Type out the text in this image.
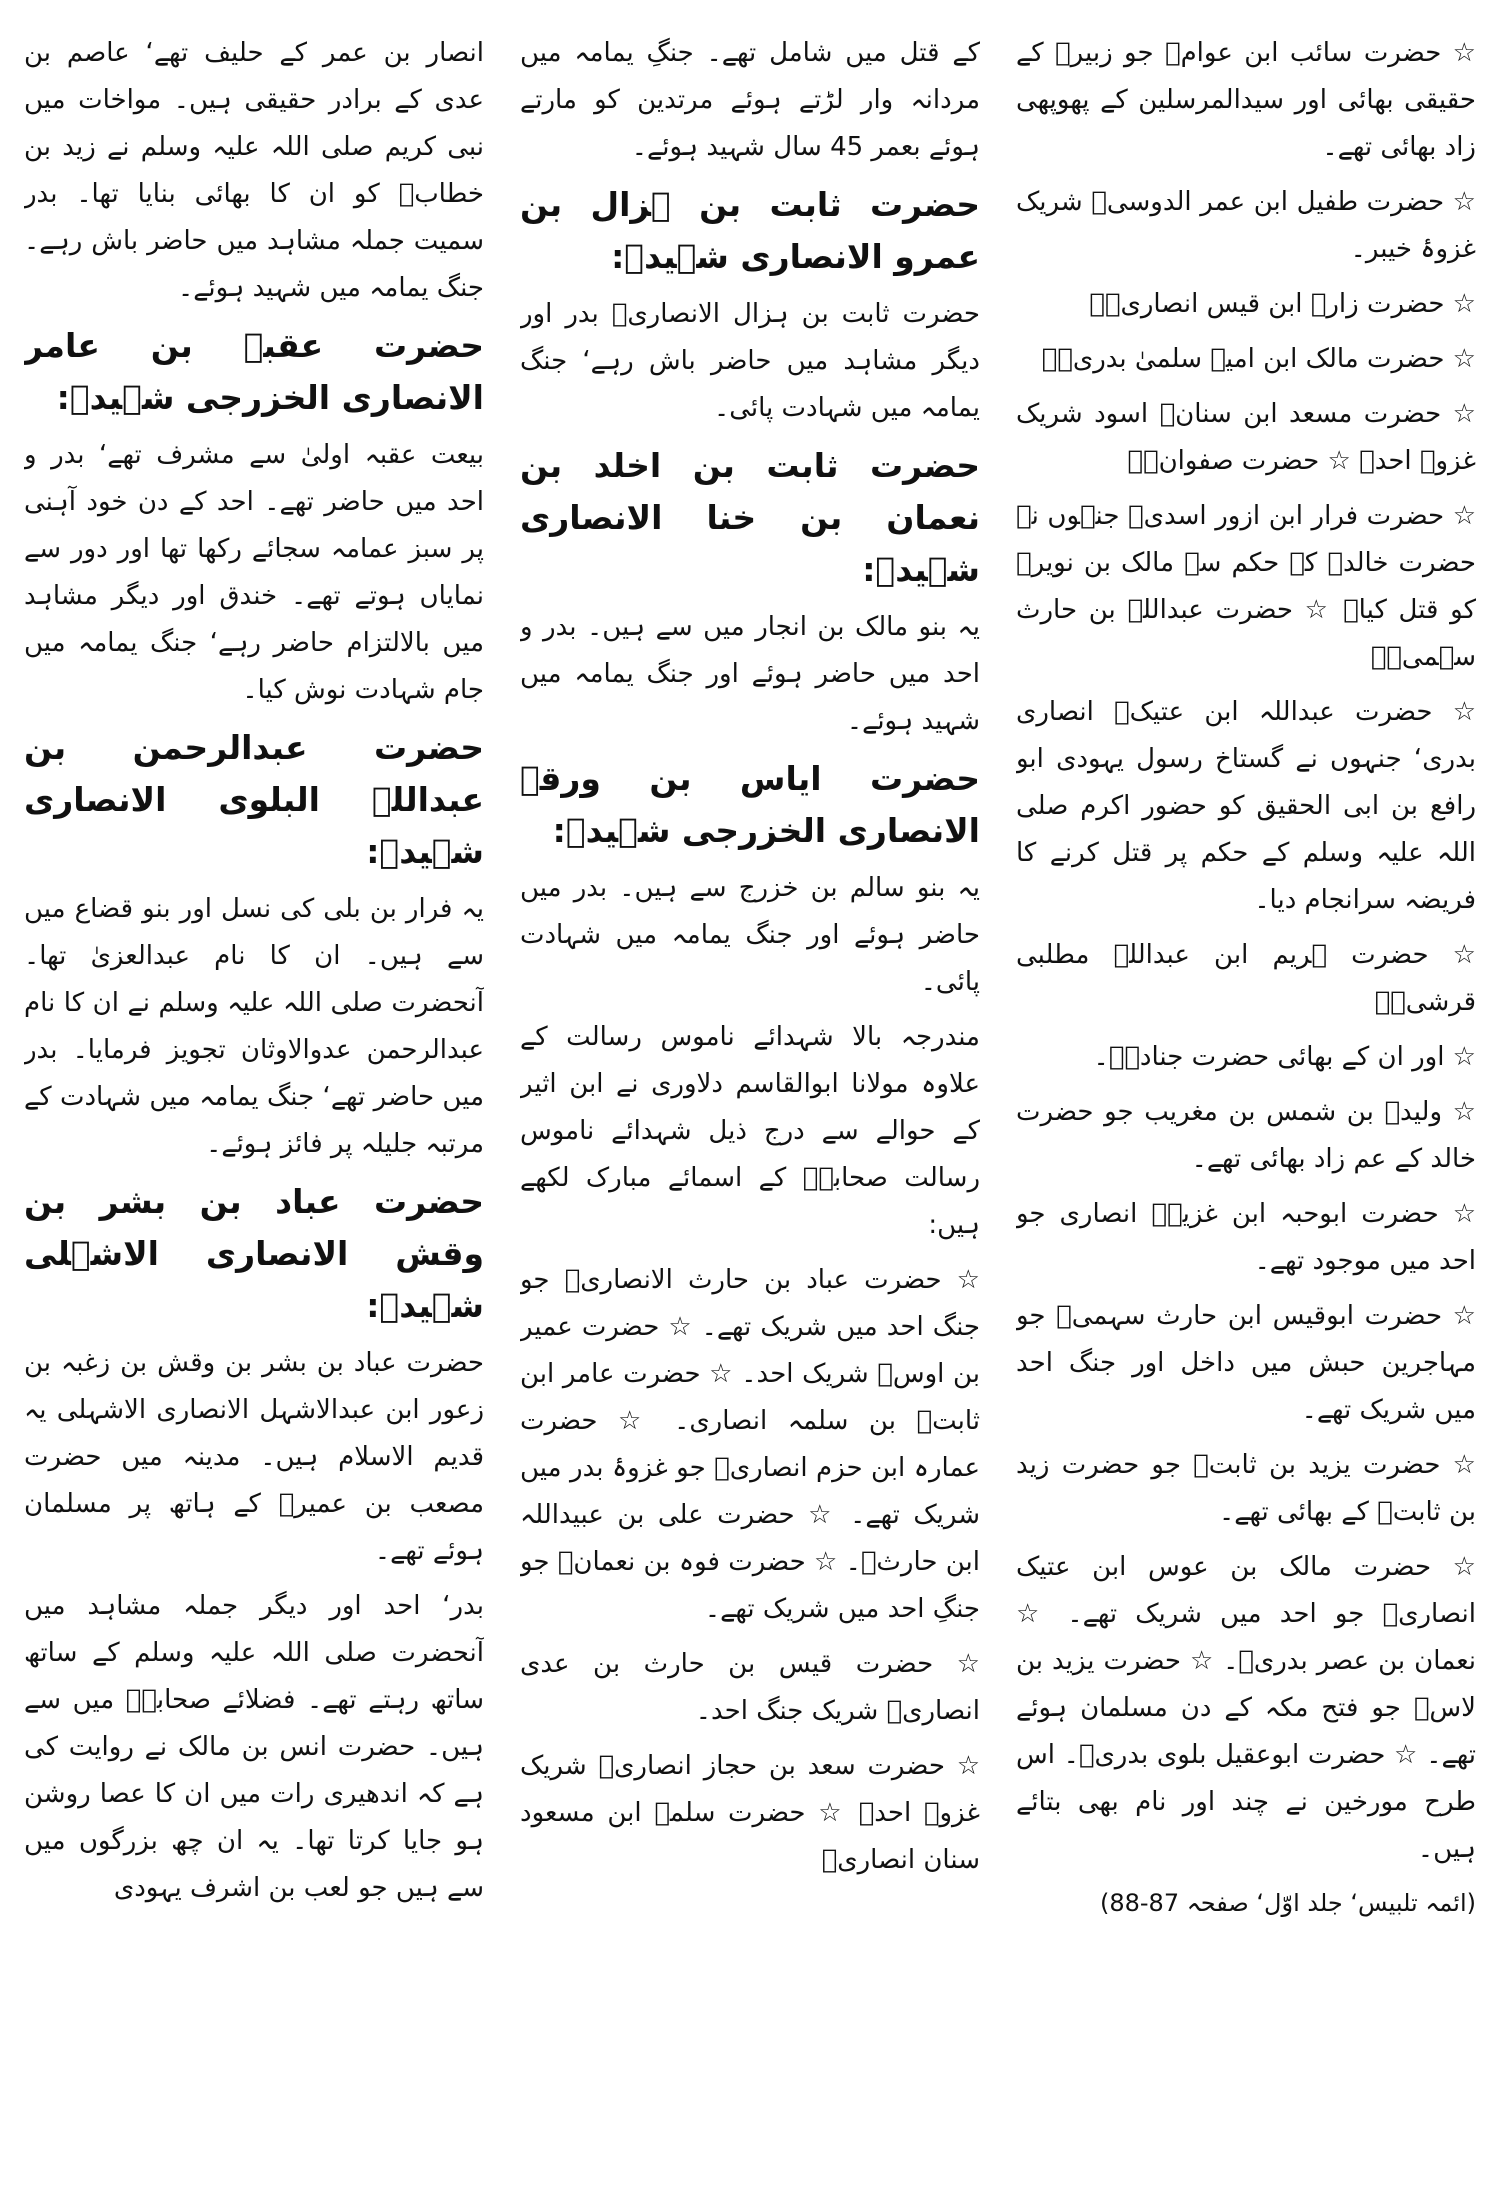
انصار بن عمر کے حلیف تھے‘ عاصم بن عدی کے برادر حقیقی ہیں۔ مواخات میں نبی کریم صلی اللہ علیہ وسلم نے زید بن خطابؓ کو ان کا بھائی بنایا تھا۔ بدر سمیت جملہ مشاہد میں حاضر باش رہے۔ جنگ یمامہ میں شہید ہوئے۔

حضرت عقبہ بن عامر الانصاری الخزرجی شہیدؓ:

بیعت عقبہ اولیٰ سے مشرف تھے‘ بدر و احد میں حاضر تھے۔ احد کے دن خود آہنی پر سبز عمامہ سجائے رکھا تھا اور دور سے نمایاں ہوتے تھے۔ خندق اور دیگر مشاہد میں بالالتزام حاضر رہے‘ جنگ یمامہ میں جام شہادت نوش کیا۔

حضرت عبدالرحمن بن عبداللہ البلوی الانصاری شہیدؓ:

یہ فرار بن بلی کی نسل اور بنو قضاع میں سے ہیں۔ ان کا نام عبدالعزیٰ تھا۔ آنحضرت صلی اللہ علیہ وسلم نے ان کا نام عبدالرحمن عدوالاوثان تجویز فرمایا۔ بدر میں حاضر تھے‘ جنگ یمامہ میں شہادت کے مرتبہ جلیلہ پر فائز ہوئے۔

حضرت عباد بن بشر بن وقش الانصاری الاشہلی شہیدؓ:

حضرت عباد بن بشر بن وقش بن زغبہ بن زعور ابن عبدالاشہل الانصاری الاشہلی یہ قدیم الاسلام ہیں۔ مدینہ میں حضرت مصعب بن عمیرؓ کے ہاتھ پر مسلمان ہوئے تھے۔

بدر‘ احد اور دیگر جملہ مشاہد میں آنحضرت صلی اللہ علیہ وسلم کے ساتھ ساتھ رہتے تھے۔ فضلائے صحابہؓ میں سے ہیں۔ حضرت انس بن مالک نے روایت کی ہے کہ اندھیری رات میں ان کا عصا روشن ہو جایا کرتا تھا۔ یہ ان چھ بزرگوں میں سے ہیں جو لعب بن اشرف یہودی

کے قتل میں شامل تھے۔ جنگِ یمامہ میں مردانہ وار لڑتے ہوئے مرتدین کو مارتے ہوئے بعمر 45 سال شہید ہوئے۔

حضرت ثابت بن ہزال بن عمرو الانصاری شہیدؓ:

حضرت ثابت بن ہزال الانصاریؓ بدر اور دیگر مشاہد میں حاضر باش رہے‘ جنگ یمامہ میں شہادت پائی۔

حضرت ثابت بن اخلد بن نعمان بن خنا الانصاری شہیدؓ:

یہ بنو مالک بن انجار میں سے ہیں۔ بدر و احد میں حاضر ہوئے اور جنگ یمامہ میں شہید ہوئے۔

حضرت ایاس بن ورقہ الانصاری الخزرجی شہیدؓ:

یہ بنو سالم بن خزرج سے ہیں۔ بدر میں حاضر ہوئے اور جنگ یمامہ میں شہادت پائی۔

مندرجہ بالا شہدائے ناموس رسالت کے علاوہ مولانا ابوالقاسم دلاوری نے ابن اثیر کے حوالے سے درج ذیل شہدائے ناموس رسالت صحابہؓ کے اسمائے مبارک لکھے ہیں:

☆ حضرت عباد بن حارث الانصاریؓ جو جنگ احد میں شریک تھے۔ ☆ حضرت عمیر بن اوسؓ شریک احد۔ ☆ حضرت عامر ابن ثابتؓ بن سلمہ انصاری۔ ☆ حضرت عمارہ ابن حزم انصاریؓ جو غزوۂ بدر میں شریک تھے۔ ☆ حضرت علی بن عبیداللہ ابن حارثؓ۔ ☆ حضرت فوہ بن نعمانؓ جو جنگِ احد میں شریک تھے۔

☆ حضرت قیس بن حارث بن عدی انصاریؓ شریک جنگ احد۔

☆ حضرت سعد بن حجاز انصاریؓ شریک غزوۂ احد۔ ☆ حضرت سلمہ ابن مسعود سنان انصاریؓ

☆ حضرت سائب ابن عوامؓ جو زبیرؓ کے حقیقی بھائی اور سیدالمرسلین کے پھوپھی زاد بھائی تھے۔

☆ حضرت طفیل ابن عمر الدوسیؓ شریک غزوۂ خیبر۔

☆ حضرت زارہ ابن قیس انصاریؓ۔

☆ حضرت مالک ابن امیہ سلمیٰ بدریؓ۔

☆ حضرت مسعد ابن سنانؓ اسود شریک غزوۂ احد۔ ☆ حضرت صفوانؓ۔

☆ حضرت فرار ابن ازور اسدیؓ جنہوں نے حضرت خالدؓ کے حکم سے مالک بن نویرہ کو قتل کیا۔ ☆ حضرت عبداللہ بن حارث سہمیؓ۔

☆ حضرت عبداللہ ابن عتیکؓ انصاری بدری‘ جنہوں نے گستاخ رسول یہودی ابو رافع بن ابی الحقیق کو حضور اکرم صلی اللہ علیہ وسلم کے حکم پر قتل کرنے کا فریضہ سرانجام دیا۔

☆ حضرت ہریم ابن عبداللہ مطلبی قرشیؓ۔

☆ اور ان کے بھائی حضرت جنادہؓ۔

☆ ولیدؓ بن شمس بن مغریب جو حضرت خالد کے عم زاد بھائی تھے۔

☆ حضرت ابوحبہ ابن غزیہؓ انصاری جو احد میں موجود تھے۔

☆ حضرت ابوقیس ابن حارث سہمیؓ جو مہاجرین حبش میں داخل اور جنگ احد میں شریک تھے۔

☆ حضرت یزید بن ثابتؓ جو حضرت زید بن ثابتؓ کے بھائی تھے۔

☆ حضرت مالک بن عوس ابن عتیک انصاریؓ جو احد میں شریک تھے۔ ☆ نعمان بن عصر بدریؓ۔ ☆ حضرت یزید بن لاسؓ جو فتح مکہ کے دن مسلمان ہوئے تھے۔ ☆ حضرت ابوعقیل بلوی بدریؓ۔ اس طرح مورخین نے چند اور نام بھی بتائے ہیں۔

(ائمہ تلبیس‘ جلد اوّل‘ صفحہ 87-88)
